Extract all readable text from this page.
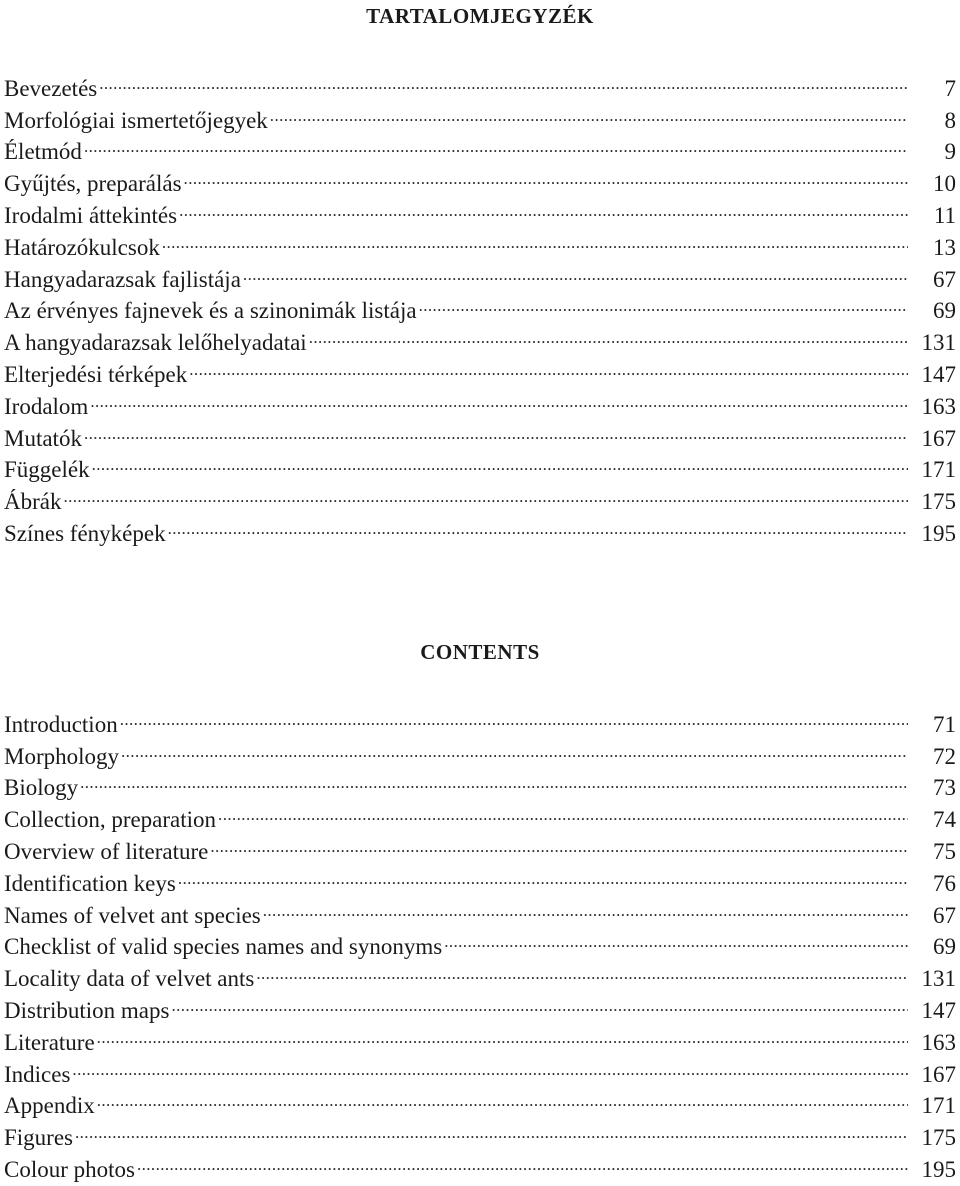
TARTALOMJEGYZÉK
Bevezetés .....	7
Morfológiai ismertetőjegyek .....	8
Életmód .....	9
Gyűjtés, preparálás .....	10
Irodalmi áttekintés .....	11
Határozókulcsok .....	13
Hangyadarazsak fajlistája .....	67
Az érvényes fajnevek és a szinonimák listája .....	69
A hangyadarazsak lelőhelyadatai .....	131
Elterjedési térképek .....	147
Irodalom .....	163
Mutatók .....	167
Függelék .....	171
Ábrák .....	175
Színes fényképek .....	195
CONTENTS
Introduction .....	71
Morphology .....	72
Biology .....	73
Collection, preparation .....	74
Overview of literature .....	75
Identification keys .....	76
Names of velvet ant species .....	67
Checklist of valid species names and synonyms .....	69
Locality data of velvet ants .....	131
Distribution maps .....	147
Literature .....	163
Indices .....	167
Appendix .....	171
Figures .....	175
Colour photos .....	195
